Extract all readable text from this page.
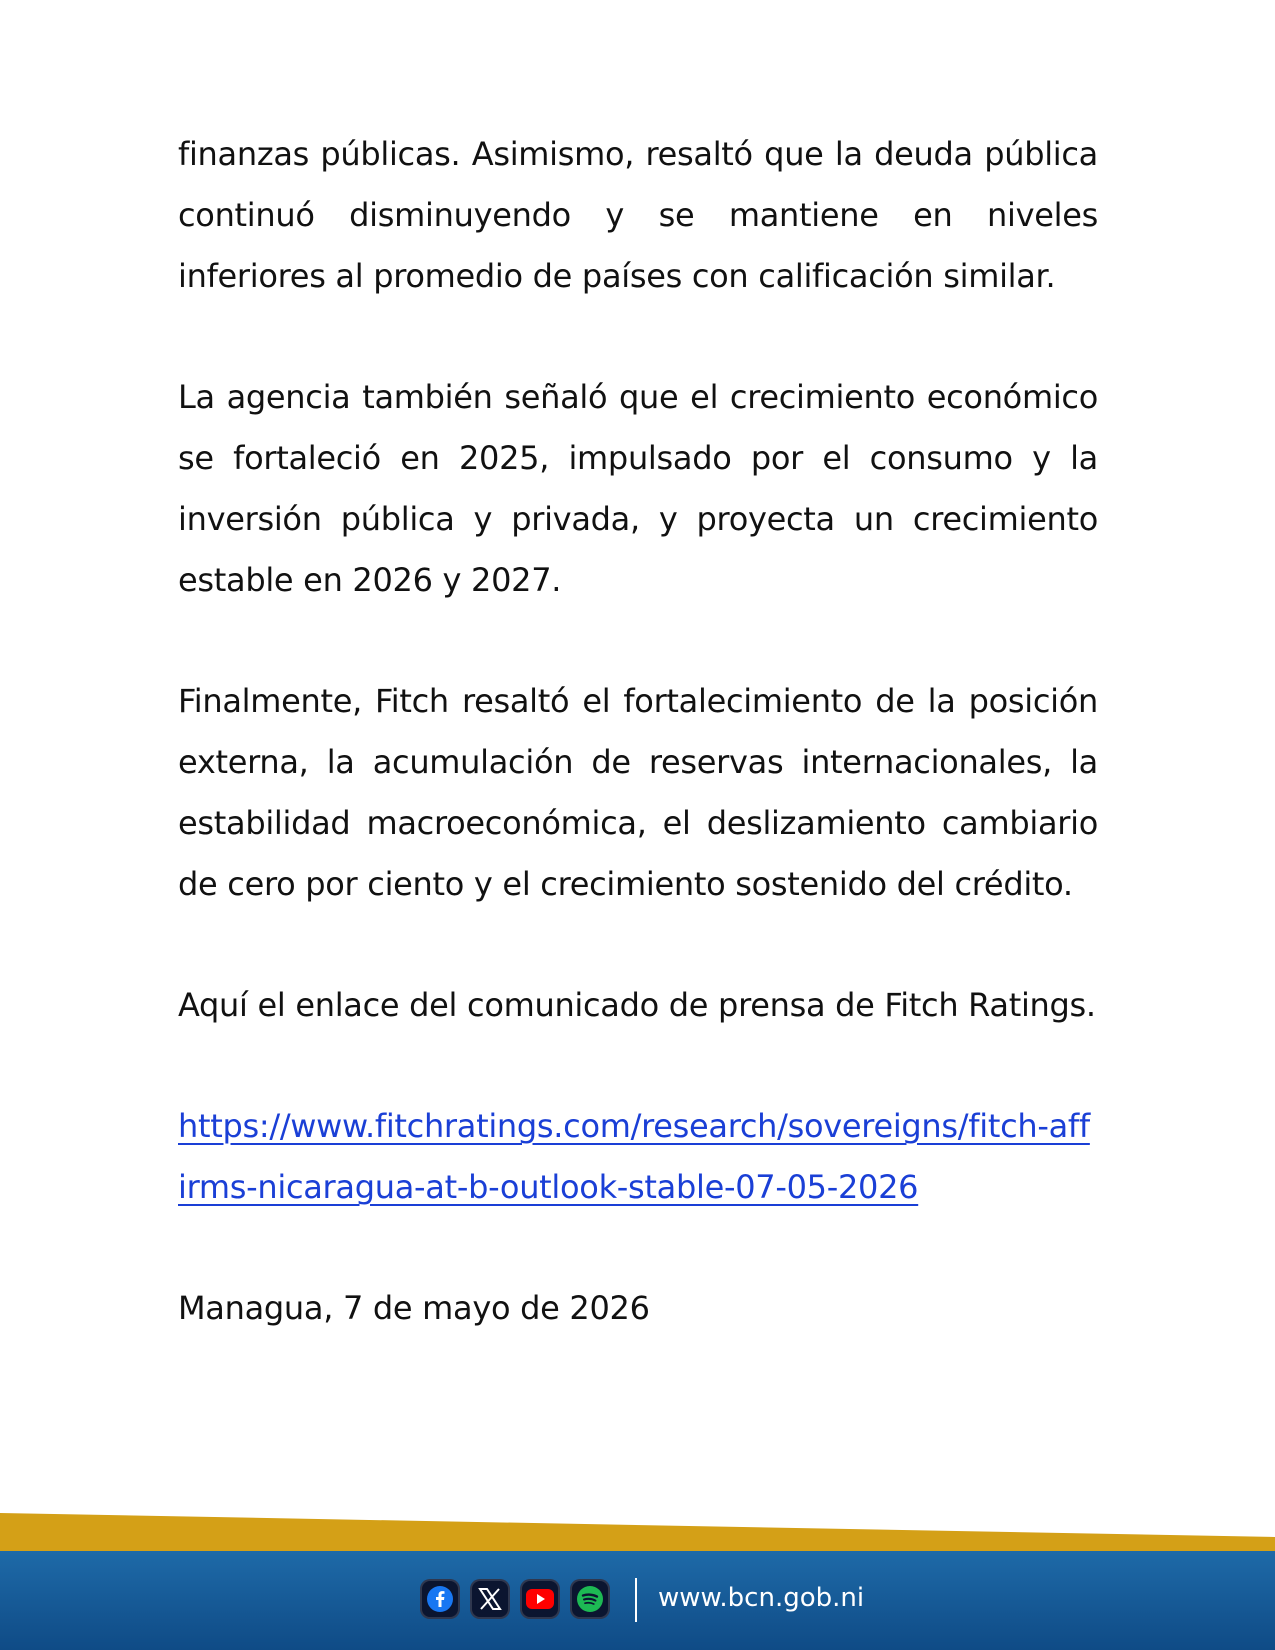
finanzas públicas. Asimismo, resaltó que la deuda pública continuó disminuyendo y se mantiene en niveles inferiores al promedio de países con calificación similar.

La agencia también señaló que el crecimiento económico se fortaleció en 2025, impulsado por el consumo y la inversión pública y privada, y proyecta un crecimiento estable en 2026 y 2027.

Finalmente, Fitch resaltó el fortalecimiento de la posición externa, la acumulación de reservas internacionales, la estabilidad macroeconómica, el deslizamiento cambiario de cero por ciento y el crecimiento sostenido del crédito.

Aquí el enlace del comunicado de prensa de Fitch Ratings.

https://www.fitchratings.com/research/sovereigns/fitch-affirms-nicaragua-at-b-outlook-stable-07-05-2026

Managua, 7 de mayo de 2026

www.bcn.gob.ni
